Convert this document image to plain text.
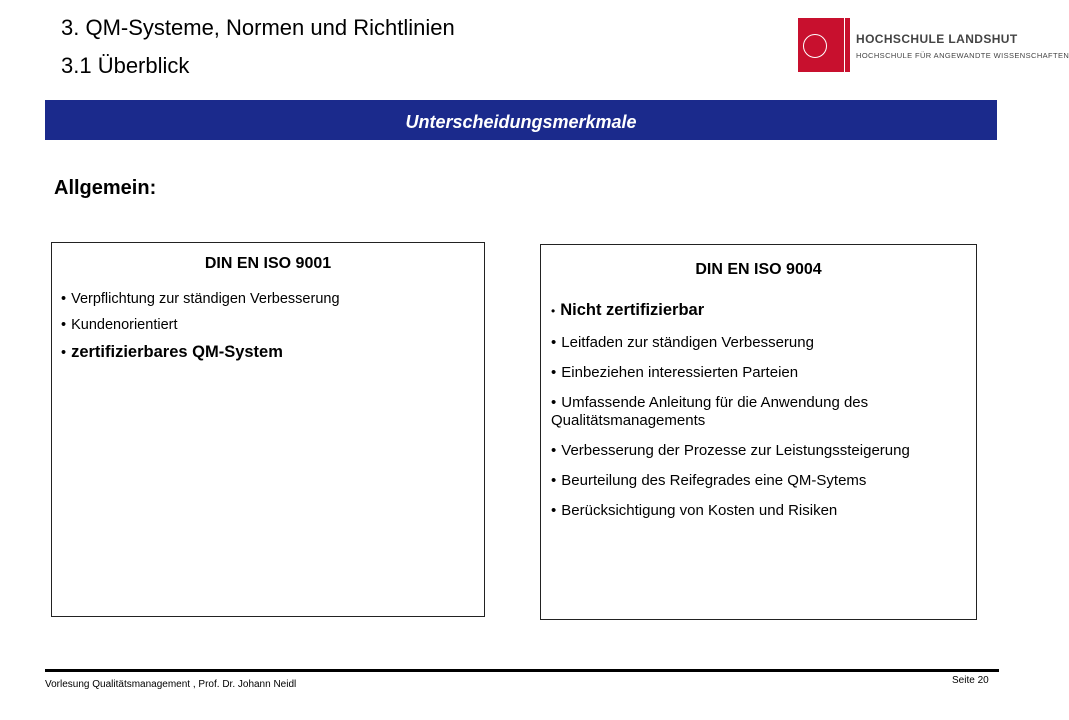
3. QM-Systeme, Normen und Richtlinien
3.1 Überblick
HOCHSCHULE LANDSHUT
HOCHSCHULE FÜR ANGEWANDTE WISSENSCHAFTEN
Unterscheidungsmerkmale
Allgemein:
DIN EN ISO 9001
• Verpflichtung zur ständigen Verbesserung
• Kundenorientiert
• zertifizierbares QM-System
DIN EN ISO 9004
• Nicht zertifizierbar
• Leitfaden zur ständigen Verbesserung
• Einbeziehen interessierten Parteien
• Umfassende Anleitung für die Anwendung des Qualitätsmanagements
• Verbesserung der Prozesse zur Leistungssteigerung
• Beurteilung des Reifegrades eine QM-Sytems
• Berücksichtigung von Kosten und Risiken
Vorlesung Qualitätsmanagement , Prof. Dr. Johann Neidl	Seite 20
